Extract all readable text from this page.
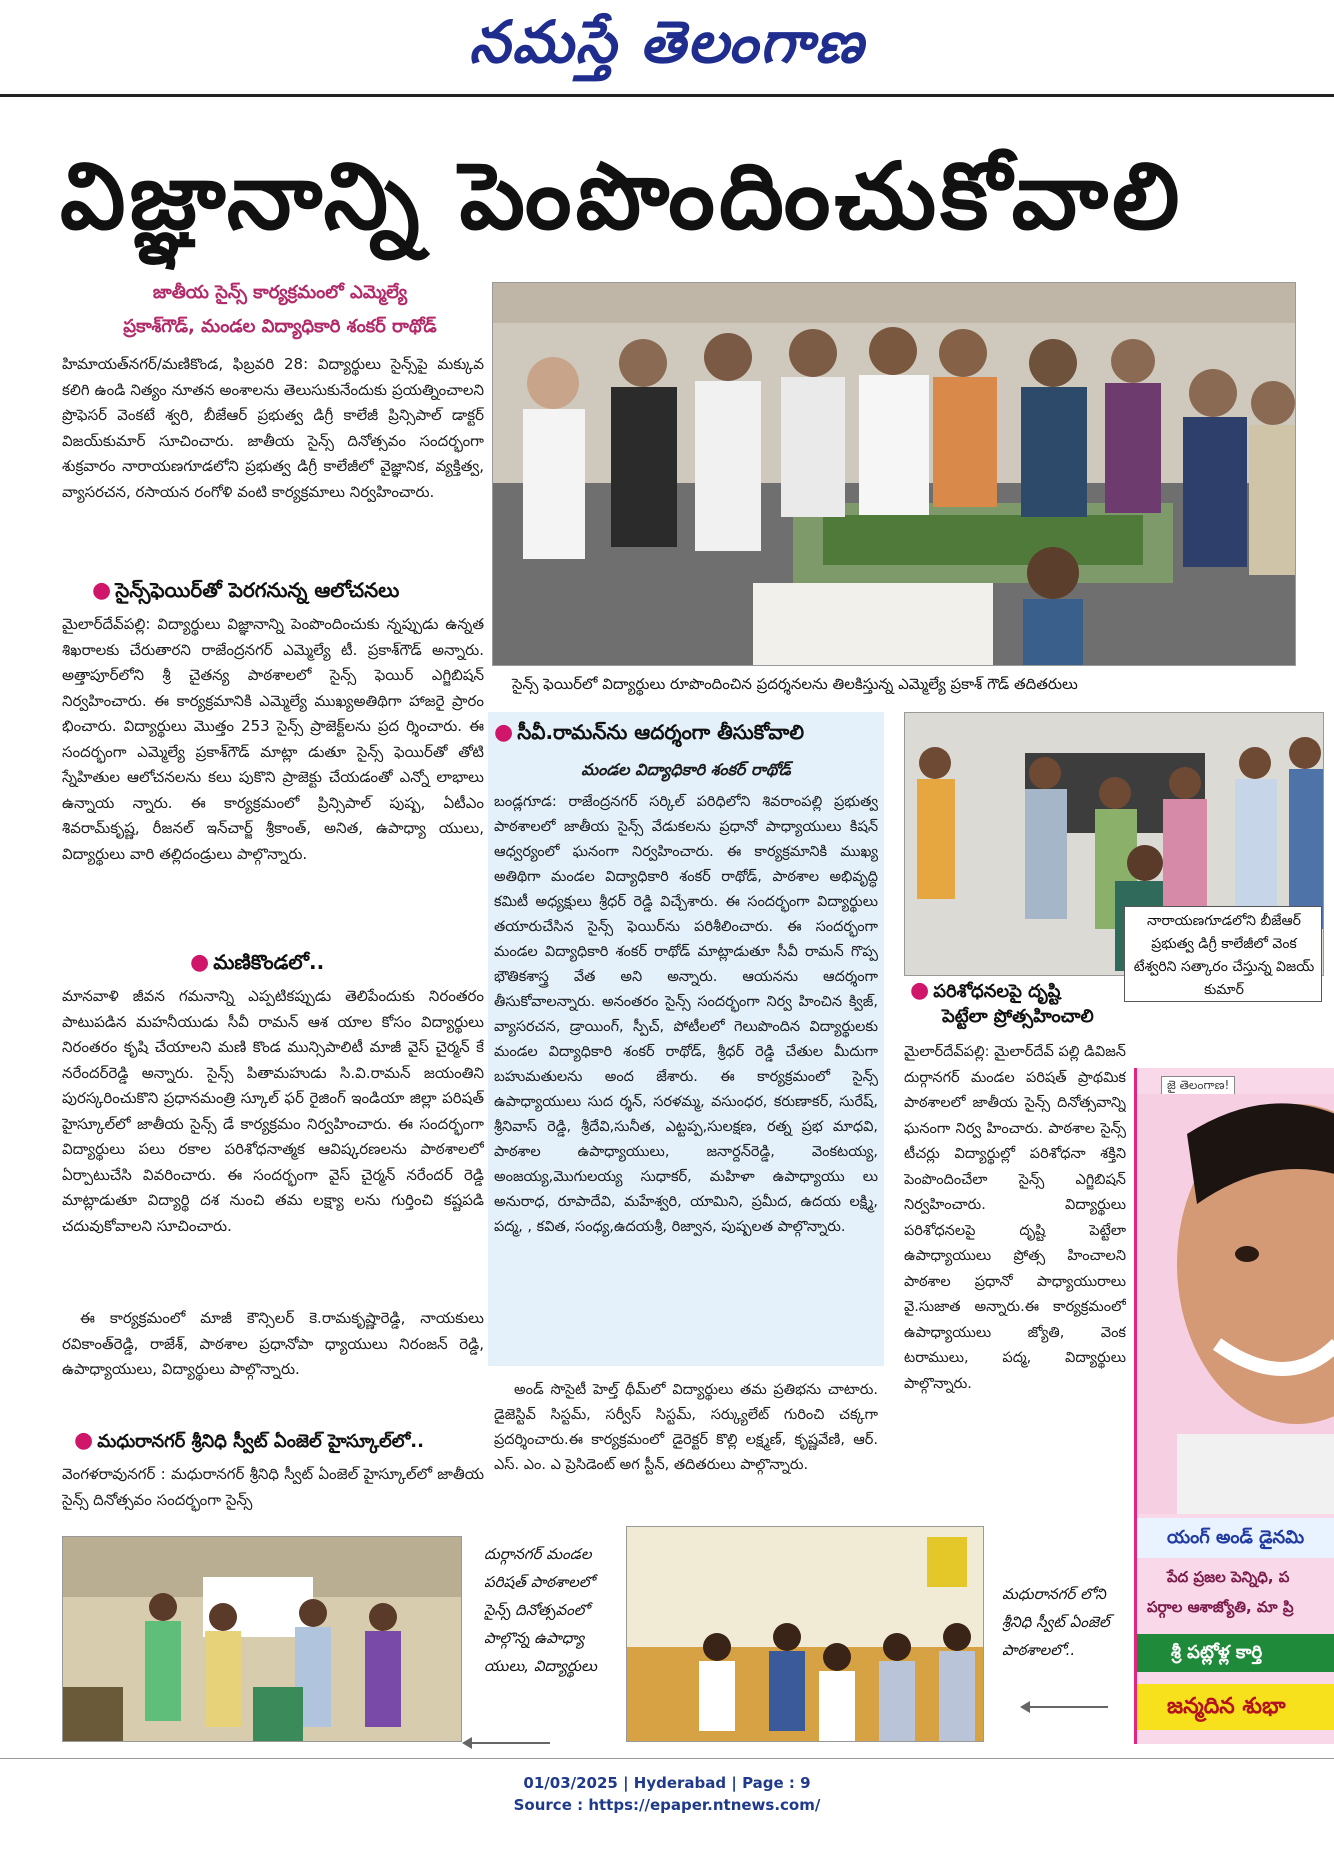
నమస్తే తెలంగాణ
విజ్ఞానాన్ని పెంపొందించుకోవాలి
జాతీయ సైన్స్ కార్యక్రమంలో ఎమ్మెల్యే
ప్రకాశ్‌గౌడ్, మండల విద్యాధికారి శంకర్ రాథోడ్
సైన్స్ ఫెయిర్‌లో విద్యార్థులు రూపొందించిన ప్రదర్శనలను తిలకిస్తున్న ఎమ్మెల్యే ప్రకాశ్ గౌడ్ తదితరులు
హిమాయత్‌నగర్/మణికొండ, ఫిబ్రవరి 28: విద్యార్థులు సైన్స్‌పై మక్కువ కలిగి ఉండి నిత్యం నూతన అంశాలను తెలుసుకునేందుకు ప్రయత్నించాలని ప్రొఫెసర్ వెంకటే శ్వరి, బీజేఆర్ ప్రభుత్వ డిగ్రీ కాలేజీ ప్రిన్సిపాల్ డాక్టర్ విజయ్‌కుమార్ సూచించారు. జాతీయ సైన్స్ దినోత్సవం సందర్భంగా శుక్రవారం నారాయణగూడలోని ప్రభుత్వ డిగ్రీ కాలేజీలో వైజ్ఞానిక, వ్యక్తిత్వ, వ్యాసరచన, రసాయన రంగోళి వంటి కార్యక్రమాలు నిర్వహించారు.
● సైన్స్‌ఫెయిర్‌తో పెరగనున్న ఆలోచనలు
మైలార్‌దేవ్‌పల్లి: విద్యార్థులు విజ్ఞానాన్ని పెంపొందించుకు న్నప్పుడు ఉన్నత శిఖరాలకు చేరుతారని రాజేంద్రనగర్ ఎమ్మెల్యే టీ. ప్రకాశ్‌గౌడ్ అన్నారు. అత్తాపూర్‌లోని శ్రీ చైతన్య పాఠశాలలో సైన్స్ ఫెయిర్ ఎగ్జిబిషన్ నిర్వహించారు. ఈ కార్యక్రమానికి ఎమ్మెల్యే ముఖ్యఅతిథిగా హాజరై ప్రారం భించారు. విద్యార్థులు మొత్తం 253 సైన్స్ ప్రాజెక్ట్‌లను ప్రద ర్శించారు. ఈ సందర్భంగా ఎమ్మెల్యే ప్రకాశ్‌గౌడ్ మాట్లా డుతూ సైన్స్ ఫెయిర్‌తో తోటి స్నేహితుల ఆలోచనలను కలు పుకొని ప్రాజెక్టు చేయడంతో ఎన్నో లాభాలు ఉన్నాయ న్నారు. ఈ కార్యక్రమంలో ప్రిన్సిపాల్ పుష్ప, ఏటీఎం శివరామ్‌కృష్ణ, రీజనల్ ఇన్‌చార్జ్ శ్రీకాంత్, అనిత, ఉపాధ్యా యులు, విద్యార్థులు వారి తల్లిదండ్రులు పాల్గొన్నారు.
● మణికొండలో..
మానవాళి జీవన గమనాన్ని ఎప్పటికప్పుడు తెలిపేందుకు నిరంతరం పాటుపడిన మహనీయుడు సీవీ రామన్ ఆశ యాల కోసం విద్యార్థులు నిరంతరం కృషి చేయాలని మణి కొండ మున్సిపాలిటీ మాజీ వైస్ చైర్మన్ కే నరేందర్‌రెడ్డి అన్నారు. సైన్స్ పితామహుడు సి.వి.రామన్ జయంతిని పురస్కరించుకొని ప్రధానమంత్రి స్కూల్ ఫర్ రైజింగ్ ఇండియా జిల్లా పరిషత్ హైస్కూల్‌లో జాతీయ సైన్స్ డే కార్యక్రమం నిర్వహించారు. ఈ సందర్భంగా విద్యార్థులు పలు రకాల పరిశోధనాత్మక ఆవిష్కరణలను పాఠశాలలో ఏర్పాటుచేసి వివరించారు. ఈ సందర్భంగా వైస్ చైర్మన్ నరేందర్ రెడ్డి మాట్లాడుతూ విద్యార్థి దశ నుంచి తమ లక్ష్యా లను గుర్తించి కష్టపడి చదువుకోవాలని సూచించారు.
ఈ కార్యక్రమంలో మాజీ కౌన్సిలర్ కె.రామకృష్ణారెడ్డి, నాయకులు రవికాంత్‌రెడ్డి, రాజేశ్, పాఠశాల ప్రధానోపా ధ్యాయులు నిరంజన్ రెడ్డి, ఉపాధ్యాయులు, విద్యార్థులు పాల్గొన్నారు.
● మధురానగర్ శ్రీనిధి స్వీట్ ఏంజెల్ హైస్కూల్‌లో..
వెంగళరావునగర్ : మధురానగర్ శ్రీనిధి స్వీట్ ఏంజెల్ హైస్కూల్‌లో జాతీయ సైన్స్ దినోత్సవం సందర్భంగా సైన్స్
● సీవీ.రామన్‌ను ఆదర్శంగా తీసుకోవాలి
మండల విద్యాధికారి శంకర్ రాథోడ్
బండ్లగూడ: రాజేంద్రనగర్ సర్కిల్ పరిధిలోని శివరాంపల్లి ప్రభుత్వ పాఠశాలలో జాతీయ సైన్స్ వేడుకలను ప్రధానో పాధ్యాయులు కిషన్ ఆధ్వర్యంలో ఘనంగా నిర్వహించారు. ఈ కార్యక్రమానికి ముఖ్య అతిథిగా మండల విద్యాధికారి శంకర్ రాథోడ్, పాఠశాల అభివృద్ధి కమిటీ అధ్యక్షులు శ్రీధర్ రెడ్డి విచ్చేశారు. ఈ సందర్భంగా విద్యార్థులు తయారుచేసిన సైన్స్ ఫెయిర్‌ను పరిశీలించారు. ఈ సందర్భంగా మండల విద్యాధికారి శంకర్ రాథోడ్ మాట్లాడుతూ సీవీ రామన్ గొప్ప భౌతికశాస్త్ర వేత అని అన్నారు. ఆయనను ఆదర్శంగా తీసుకోవాలన్నారు. అనంతరం సైన్స్ సందర్భంగా నిర్వ హించిన క్విజ్, వ్యాసరచన, డ్రాయింగ్, స్పీచ్, పోటీలలో గెలుపొందిన విద్యార్థులకు మండల విద్యాధికారి శంకర్ రాథోడ్, శ్రీధర్ రెడ్డి చేతుల మీదుగా బహుమతులను అంద జేశారు. ఈ కార్యక్రమంలో సైన్స్ ఉపాధ్యాయులు సుద ర్శన్, సరళమ్మ, వసుంధర, కరుణాకర్, సురేష్, శ్రీనివాస్ రెడ్డి, శ్రీదేవి,సునీత, ఎట్టప్ప,సులక్షణ, రత్న ప్రభ మాధవి, పాఠశాల ఉపాధ్యాయులు, జనార్దన్‌రెడ్డి, వెంకటయ్య, అంజయ్య,మొగులయ్య సుధాకర్, మహిళా ఉపాధ్యాయు లు అనురాధ, రూపాదేవి, మహేశ్వరి, యామిని, ప్రమీద, ఉదయ లక్ష్మి, పద్మ, , కవిత, సంధ్య,ఉదయశ్రీ, రిజ్వాన, పుష్పలత పాల్గొన్నారు.
అండ్ సొసైటీ హెల్త్ థీమ్‌లో విద్యార్థులు తమ ప్రతిభను చాటారు. డైజెస్టివ్ సిస్టమ్, సర్వీస్ సిస్టమ్, సర్క్యులేట్ గురించి చక్కగా ప్రదర్శించారు.ఈ కార్యక్రమంలో డైరెక్టర్ కొల్లి లక్ష్మణ్, కృష్ణవేణి, ఆర్. ఎస్. ఎం. ఎ ప్రెసిడెంట్ అగ స్టీన్, తదితరులు పాల్గొన్నారు.
నారాయణగూడలోని బీజేఆర్ ప్రభుత్వ డిగ్రీ కాలేజీలో వెంక టేశ్వరిని సత్కారం చేస్తున్న విజయ్ కుమార్
● పరిశోధనలపై దృష్టి
పెట్టేలా ప్రోత్సహించాలి
మైలార్‌దేవ్‌పల్లి: మైలార్‌దేవ్ పల్లి డివిజన్ దుర్గానగర్ మండల పరిషత్ ప్రాథమిక పాఠశాలలో జాతీయ సైన్స్ దినోత్సవాన్ని ఘనంగా నిర్వ హించారు. పాఠశాల సైన్స్ టీచర్లు విద్యార్థుల్లో పరిశోధనా శక్తిని పెంపొందించేలా సైన్స్ ఎగ్జిబిషన్ నిర్వహించారు. విద్యార్థులు పరిశోధనలపై దృష్టి పెట్టేలా ఉపాధ్యాయులు ప్రోత్స హించాలని పాఠశాల ప్రధానో పాధ్యాయురాలు వై.సుజాత అన్నారు.ఈ కార్యక్రమంలో ఉపాధ్యాయులు జ్యోతి, వెంక టరాములు, పద్మ, విద్యార్థులు పాల్గొన్నారు.
జై తెలంగాణ!
యంగ్ అండ్ డైనమి
పేద ప్రజల పెన్నిధి, ప
పర్గాల ఆశాజ్యోతి, మా ప్రి
శ్రీ పట్లోళ్ల కార్తి
జన్మదిన శుభా
దుర్గానగర్ మండల పరిషత్ పాఠశాలలో సైన్స్ దినోత్సవంలో పాల్గొన్న ఉపాధ్యా యులు, విద్యార్థులు
మధురానగర్ లోని శ్రీనిధి స్వీట్ ఏంజెల్ పాఠశాలలో..
01/03/2025 | Hyderabad | Page : 9
Source : https://epaper.ntnews.com/
